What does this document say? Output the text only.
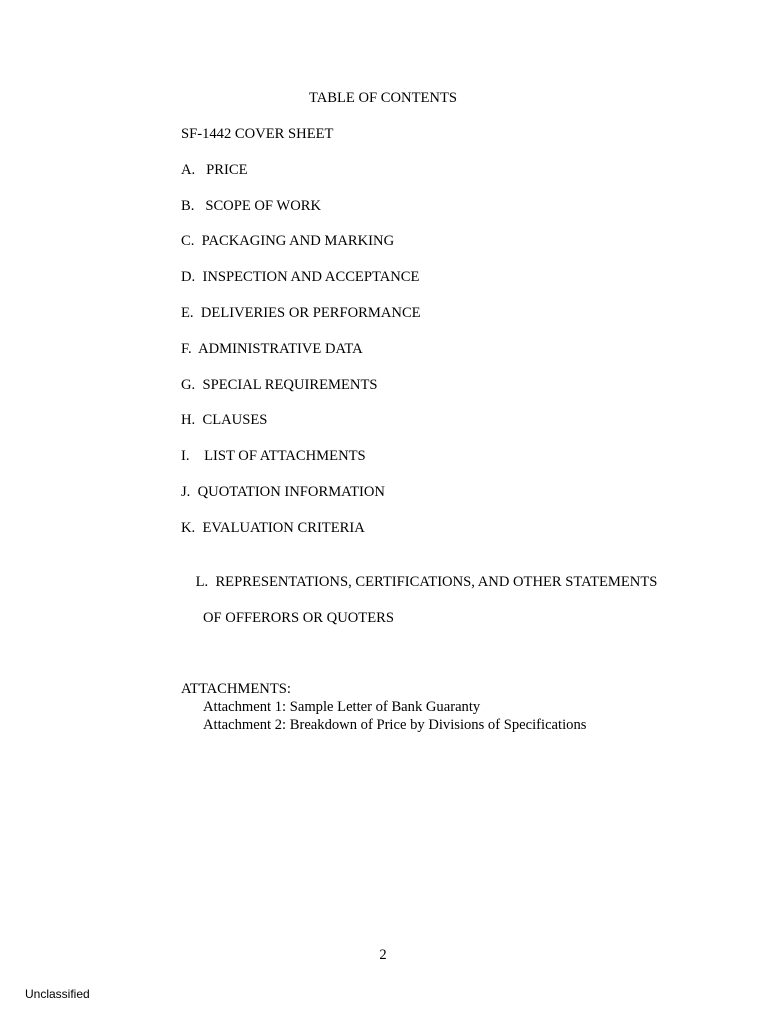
TABLE OF CONTENTS
SF-1442 COVER SHEET
A.   PRICE
B.   SCOPE OF WORK
C.  PACKAGING AND MARKING
D.  INSPECTION AND ACCEPTANCE
E.  DELIVERIES OR PERFORMANCE
F.  ADMINISTRATIVE DATA
G.  SPECIAL REQUIREMENTS
H.  CLAUSES
I.    LIST OF ATTACHMENTS
J.  QUOTATION INFORMATION
K.  EVALUATION CRITERIA

L.  REPRESENTATIONS, CERTIFICATIONS, AND OTHER STATEMENTS

OF OFFERORS OR QUOTERS

ATTACHMENTS:
Attachment 1: Sample Letter of Bank Guaranty
Attachment 2: Breakdown of Price by Divisions of Specifications
2
Unclassified
